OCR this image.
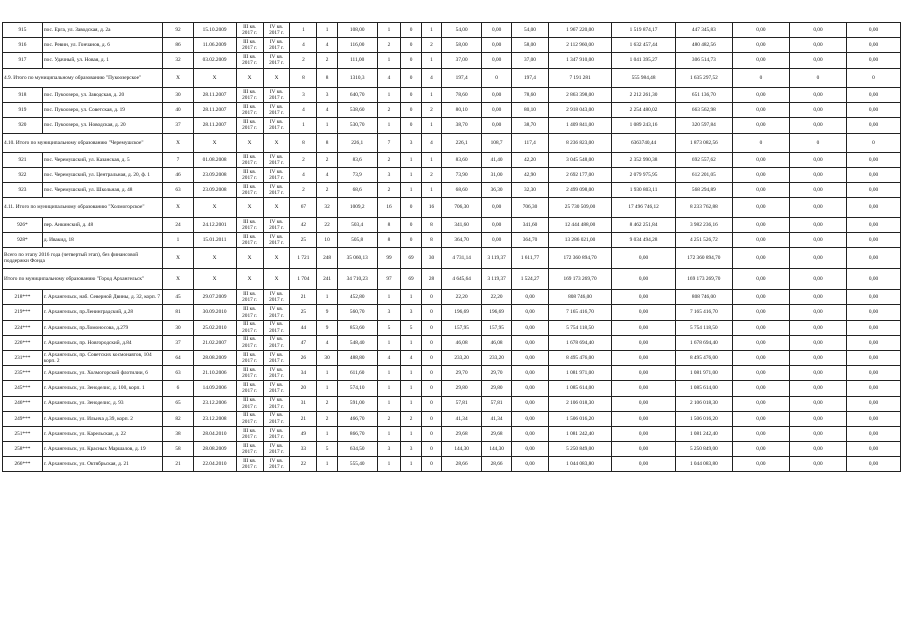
915	пос. Ерга, ул. Заводская, д. 2а	92	15.10.2009	III кв. 2017 г.	IV кв. 2017 г.	1	1	108,00	1	0	1	54,00	0,00	54,00	1 967 220,00	1 519 874,17	447 345,83	0,00	0,00	0,00
916	пос. Ревин, ул. Гончанов, д. 6	86	11.06.2009	III кв. 2017 г.	IV кв. 2017 г.	4	4	116,00	2	0	2	58,00	0,00	58,00	2 112 960,00	1 632 457,44	480 482,56	0,00	0,00	0,00
917	пос. Удачный, ул. Новая, д. 1	32	03.02.2009	III кв. 2017 г.	IV кв. 2017 г.	2	2	111,00	1	0	1	37,00	0,00	37,00	1 347 910,00	1 041 395,27	306 514,73	0,00	0,00	0,00
4.9. Итого по муниципальному образованию "Пукоозерское"		X	X	X	X	8	8	1310,3	4	0	4	197,4	0	197,4	7 191 281	555 984,48	1 635 297,52	0	0	0
918	пос. Пукоозеро, ул. Заводская, д. 20	30	28.11.2007	III кв. 2017 г.	IV кв. 2017 г.	3	3	640,70	1	0	1	78,60	0,00	78,60	2 863 398,00	2 212 261,30	651 136,70	0,00	0,00	0,00
919	пос. Пукоозеро, ул. Советская, д. 19	40	28.11.2007	III кв. 2017 г.	IV кв. 2017 г.	4	4	538,60	2	0	2	80,10	0,00	80,10	2 918 043,00	2 254 480,02	663 562,98	0,00	0,00	0,00
920	пос. Пукоозеро, ул. Новодская, д. 20	37	28.11.2007	III кв. 2017 г.	IV кв. 2017 г.	1	1	530,70	1	0	1	38,70	0,00	38,70	1 409 841,00	1 089 243,16	320 597,84	0,00	0,00	0,00
4.10. Итого по муниципальному образованию "Черемушское"		X	X	X	X	8	8	226,1	7	3	4	226,1	108,7	117,4	8 236 823,00	6363740,44	1 873 082,56	0	0	0
921	пос. Черемушский, ул. Казанская, д. 5	7	01.08.2008	III кв. 2017 г.	IV кв. 2017 г.	2	2	83,6	2	1	1	83,60	41,40	42,20	3 045 548,00	2 352 990,38	692 557,62	0,00	0,00	0,00
922	пос. Черемушский, ул. Центральная, д. 20, ф. 1	46	23.09.2008	III кв. 2017 г.	IV кв. 2017 г.	4	4	73,9	3	1	2	73,90	31,00	42,90	2 692 177,00	2 079 975,95	612 201,05	0,00	0,00	0,00
923	пос. Черемушский, ул. Школьная, д. 48	63	23.09.2008	III кв. 2017 г.	IV кв. 2017 г.	2	2	68,6	2	1	1	68,60	36,30	32,30	2 499 098,00	1 930 803,11	568 294,89	0,00	0,00	0,00
4.11. Итого по муниципальному образованию "Холмогорское"		X	X	X	X	67	32	1009,2	16	0	16	706,30	0,00	706,30	25 730 509,00	17 496 746,12	8 233 762,88	0,00	0,00	0,00
926*	пер. Анкинский, д. 48	24	24.12.2001	III кв. 2017 г.	IV кв. 2017 г.	42	22	503,4	8	0	8	341,60	0,00	341,60	12 444 488,00	8 462 251,84	3 982 236,16	0,00	0,00	0,00
928*	д. Ивакид, 18	1	15.01.2011	III кв. 2017 г.	IV кв. 2017 г.	25	10	505,8	8	0	8	364,70	0,00	364,70	13 286 021,00	9 034 494,28	4 251 526,72	0,00	0,00	0,00
Всего по этапу 2016 года (четвертый этап), без финансовой поддержки Фонда		X	X	X	X	1 721	248	35 060,13	99	69	30	4 731,14	3 119,37	1 611,77	172 360 894,70	0,00	172 360 894,70	0,00	0,00	0,00
Итого по муниципальному образованию "Город Архангельск"		X	X	X	X	1 704	241	34 710,23	97	69	28	4 645,64	3 119,37	1 524,27	169 173 269,70	0,00	169 173 269,70	0,00	0,00	0,00
218***	г. Архангельск, наб. Северной Двины, д. 32, корп. 7	45	29.07.2009	III кв. 2017 г.	IV кв. 2017 г.	21	1	452,80	1	1	0	22,20	22,20	0,00	808 746,00	0,00	808 746,00	0,00	0,00	0,00
219***	г. Архангельск, пр.Ленинградский, д.28	81	30.09.2010	III кв. 2017 г.	IV кв. 2017 г.	25	9	560,70	3	3	0	196,69	196,69	0,00	7 165 416,70	0,00	7 165 416,70	0,00	0,00	0,00
224***	г. Архангельск, пр.Ломоносова, д.279	30	25.02.2010	III кв. 2017 г.	IV кв. 2017 г.	44	9	853,60	5	5	0	157,95	157,95	0,00	5 754 118,50	0,00	5 754 118,50	0,00	0,00	0,00
226***	г. Архангельск, пр. Новгородский, д.84	37	21.02.2007	III кв. 2017 г.	IV кв. 2017 г.	47	4	548,40	1	1	0	46,08	46,08	0,00	1 678 694,40	0,00	1 678 694,40	0,00	0,00	0,00
231***	г. Архангельск, пр. Советских космонавтов, 104 корп. 2	64	28.08.2009	III кв. 2017 г.	IV кв. 2017 г.	26	30	488,80	4	4	0	233,20	233,20	0,00	8 495 476,00	0,00	8 495 476,00	0,00	0,00	0,00
235***	г. Архангельск, ул. Холмогорской флотилии, 6	63	21.10.2006	III кв. 2017 г.	IV кв. 2017 г.	34	1	611,60	1	1	0	29,70	29,70	0,00	1 081 971,00	0,00	1 081 971,00	0,00	0,00	0,00
245***	г. Архангельск, ул. Зеноделис, д. 100, корп. 1	6	14.09.2006	III кв. 2017 г.	IV кв. 2017 г.	20	1	574,10	1	1	0	29,80	29,80	0,00	1 085 614,00	0,00	1 085 614,00	0,00	0,00	0,00
246***	г. Архангельск, ул. Зеноделис, д. 93	65	23.12.2006	III кв. 2017 г.	IV кв. 2017 г.	31	2	591,00	1	1	0	57,81	57,81	0,00	2 106 018,30	0,00	2 106 018,30	0,00	0,00	0,00
249***	г. Архангельск, ул. Ильича д.39, корп. 2	82	23.12.2008	III кв. 2017 г.	IV кв. 2017 г.	21	2	466,70	2	2	0	41,34	41,34	0,00	1 506 016,20	0,00	1 506 016,20	0,00	0,00	0,00
251***	г. Архангельск, ул. Карельская, д. 22	38	28.04.2010	III кв. 2017 г.	IV кв. 2017 г.	49	1	866,70	1	1	0	29,68	29,68	0,00	1 081 242,40	0,00	1 081 242,40	0,00	0,00	0,00
258***	г. Архангельск, ул. Красных Маршалов, д. 19	58	28.08.2009	III кв. 2017 г.	IV кв. 2017 г.	33	5	634,50	3	3	0	144,30	144,30	0,00	5 250 849,00	0,00	5 250 849,00	0,00	0,00	0,00
266***	г. Архангельск, ул. Октябрьская, д. 21	21	22.04.2010	III кв. 2017 г.	IV кв. 2017 г.	22	1	555,40	1	1	0	28,66	28,66	0,00	1 044 083,80	0,00	1 044 083,80	0,00	0,00	0,00
